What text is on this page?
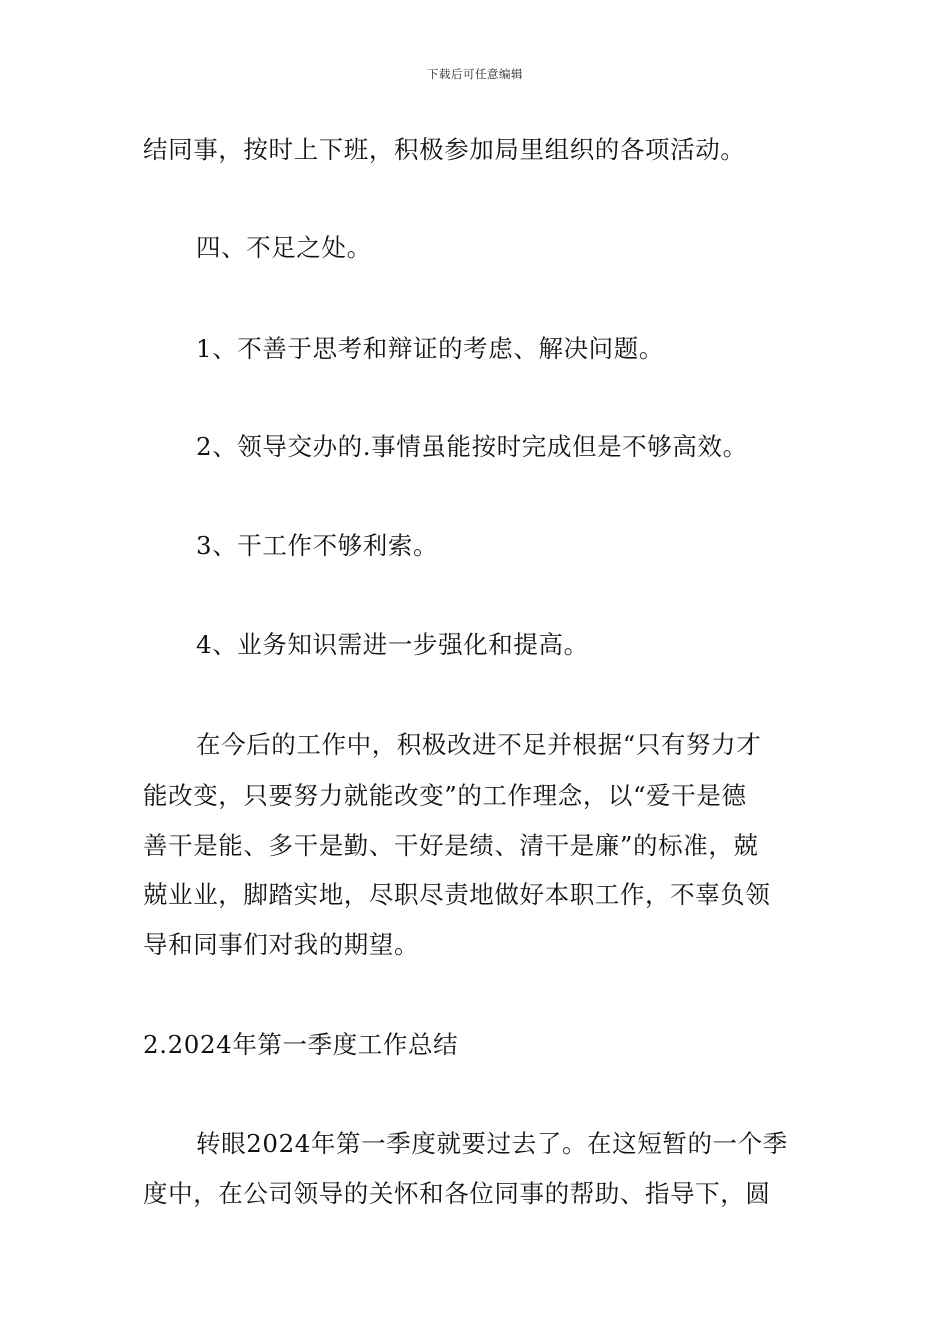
下载后可任意编辑
结同事，按时上下班，积极参加局里组织的各项活动。
四、不足之处。
1、不善于思考和辩证的考虑、解决问题。
2、领导交办的.事情虽能按时完成但是不够高效。
3、干工作不够利索。
4、业务知识需进一步强化和提高。
在今后的工作中，积极改进不足并根据“只有努力才
能改变，只要努力就能改变”的工作理念，以“爱干是德
善干是能、多干是勤、干好是绩、清干是廉”的标准，兢
兢业业，脚踏实地，尽职尽责地做好本职工作，不辜负领
导和同事们对我的期望。
2.2024年第一季度工作总结
转眼2024年第一季度就要过去了。在这短暂的一个季
度中，在公司领导的关怀和各位同事的帮助、指导下，圆
